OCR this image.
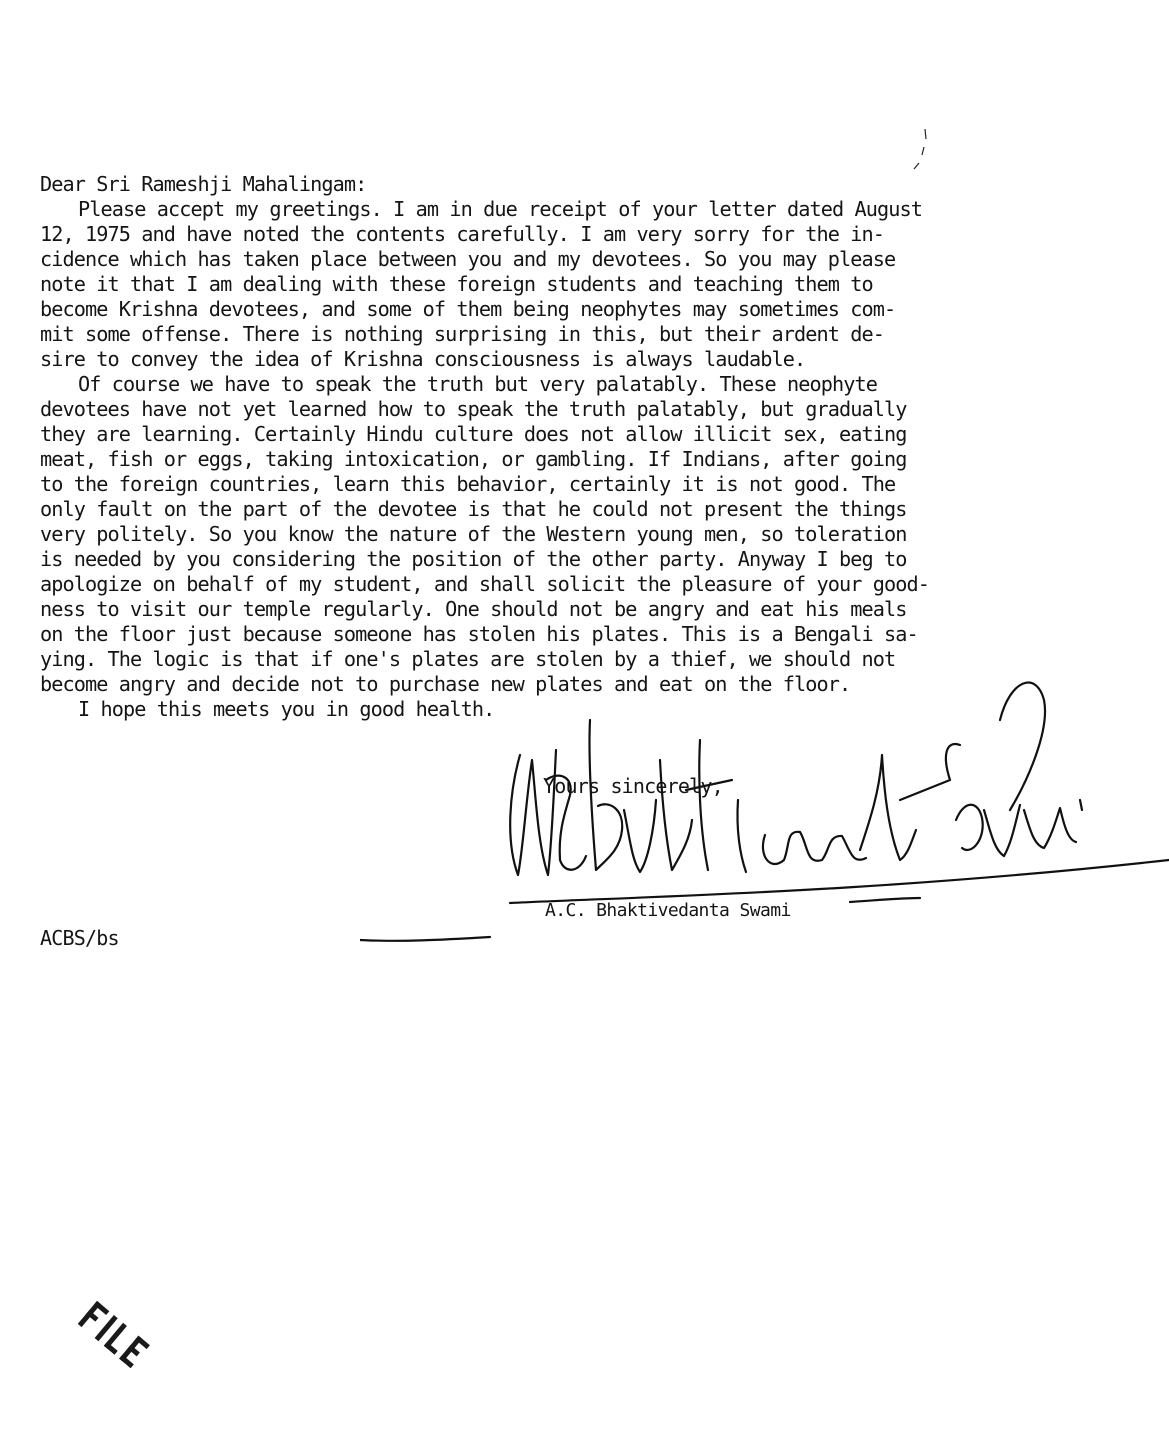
Dear Sri Rameshji Mahalingam:
Please accept my greetings. I am in due receipt of your letter dated August
12, 1975 and have noted the contents carefully. I am very sorry for the in-
cidence which has taken place between you and my devotees. So you may please
note it that I am dealing with these foreign students and teaching them to
become Krishna devotees, and some of them being neophytes may sometimes com-
mit some offense. There is nothing surprising in this, but their ardent de-
sire to convey the idea of Krishna consciousness is always laudable.
Of course we have to speak the truth but very palatably. These neophyte
devotees have not yet learned how to speak the truth palatably, but gradually
they are learning. Certainly Hindu culture does not allow illicit sex, eating
meat, fish or eggs, taking intoxication, or gambling. If Indians, after going
to the foreign countries, learn this behavior, certainly it is not good. The
only fault on the part of the devotee is that he could not present the things
very politely. So you know the nature of the Western young men, so toleration
is needed by you considering the position of the other party. Anyway I beg to
apologize on behalf of my student, and shall solicit the pleasure of your good-
ness to visit our temple regularly. One should not be angry and eat his meals
on the floor just because someone has stolen his plates. This is a Bengali sa-
ying. The logic is that if one's plates are stolen by a thief, we should not
become angry and decide not to purchase new plates and eat on the floor.
I hope this meets you in good health.
Yours sincerely,
A.C. Bhaktivedanta Swami
ACBS/bs
